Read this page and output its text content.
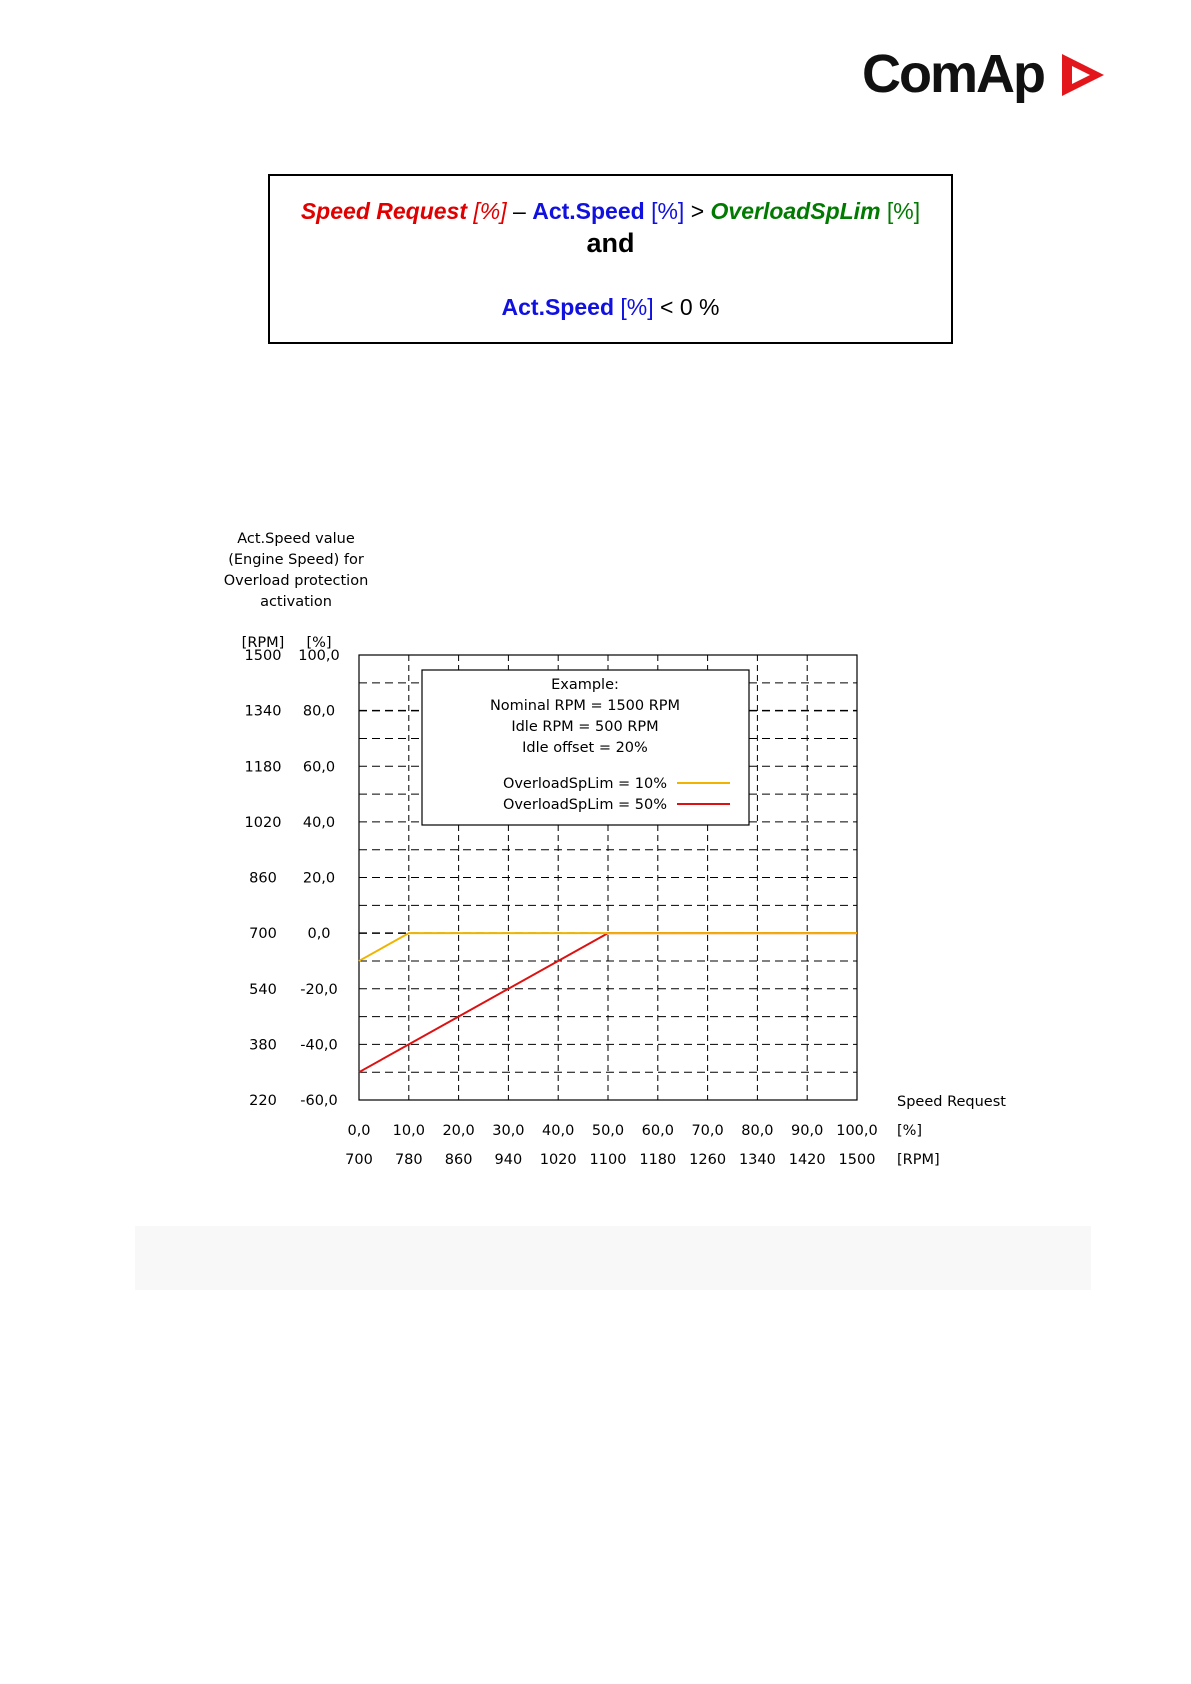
ComAp
Speed Request [%] – Act.Speed [%] > OverloadSpLim [%]
and
Act.Speed [%] < 0 %
Act.Speed value
(Engine Speed) for
Overload protection
activation
[RPM] [%]
Speed Request
[%]
[RPM]
1500 100,0
1340 80,0
1180 60,0
1020 40,0
860 20,0
700 0,0
540 -20,0
380 -40,0
220 -60,0
0,0 10,0 20,0 30,0 40,0 50,0 60,0 70,0 80,0 90,0 100,0
700 780 860 940 1020 1100 1180 1260 1340 1420 1500
Example:
Nominal RPM = 1500 RPM
Idle RPM = 500 RPM
Idle offset = 20%
OverloadSpLim = 10%
OverloadSpLim = 50%
